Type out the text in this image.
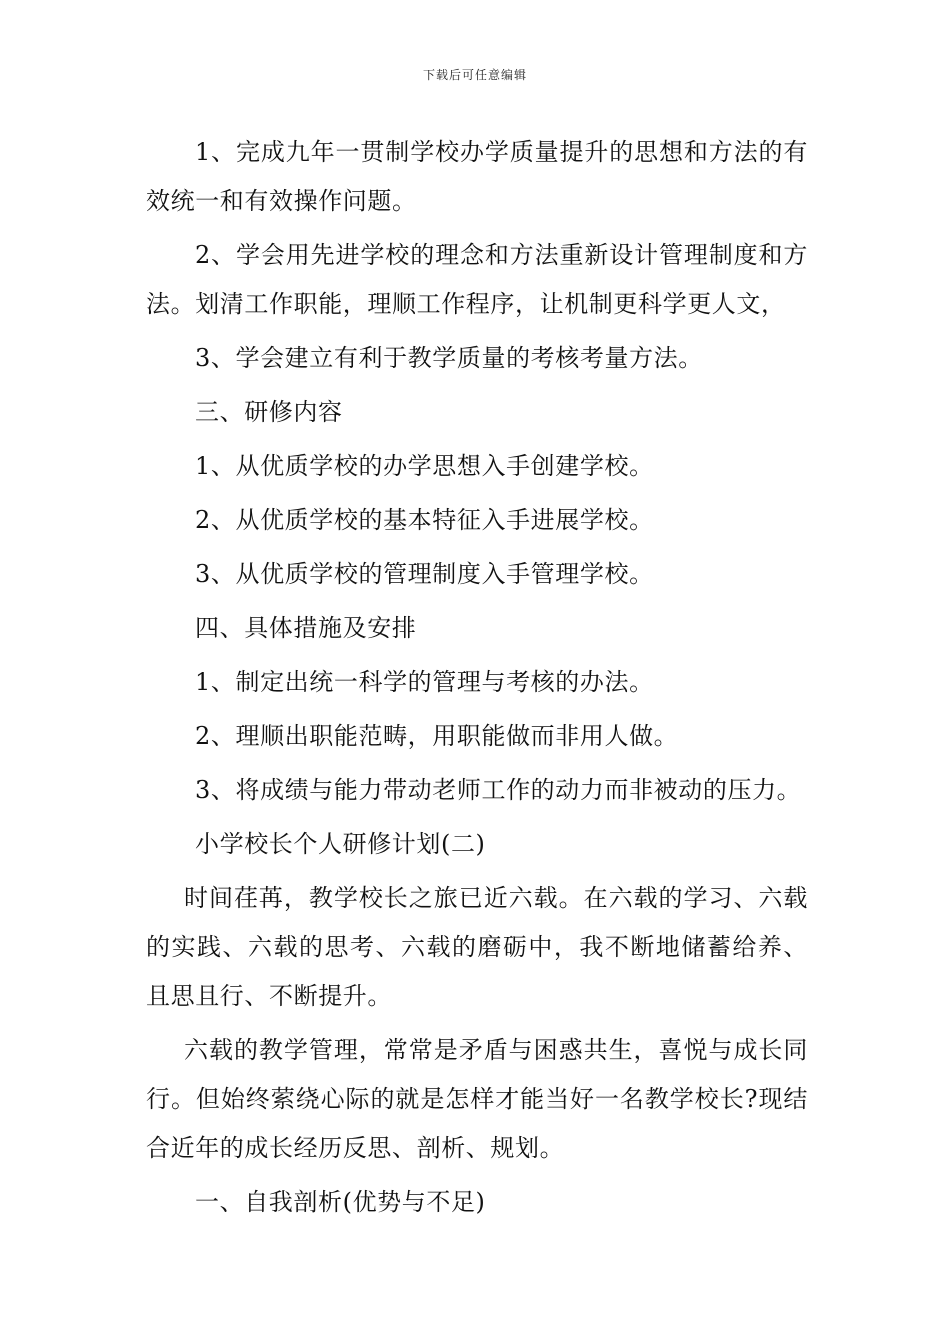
下载后可任意编辑

1、完成九年一贯制学校办学质量提升的思想和方法的有效统一和有效操作问题。

2、学会用先进学校的理念和方法重新设计管理制度和方法。划清工作职能，理顺工作程序，让机制更科学更人文，

3、学会建立有利于教学质量的考核考量方法。

三、研修内容

1、从优质学校的办学思想入手创建学校。

2、从优质学校的基本特征入手进展学校。

3、从优质学校的管理制度入手管理学校。

四、具体措施及安排

1、制定出统一科学的管理与考核的办法。

2、理顺出职能范畴，用职能做而非用人做。

3、将成绩与能力带动老师工作的动力而非被动的压力。

小学校长个人研修计划(二)

时间荏苒，教学校长之旅已近六载。在六载的学习、六载的实践、六载的思考、六载的磨砺中，我不断地储蓄给养、且思且行、不断提升。

六载的教学管理，常常是矛盾与困惑共生，喜悦与成长同行。但始终萦绕心际的就是怎样才能当好一名教学校长?现结合近年的成长经历反思、剖析、规划。

一、自我剖析(优势与不足)
